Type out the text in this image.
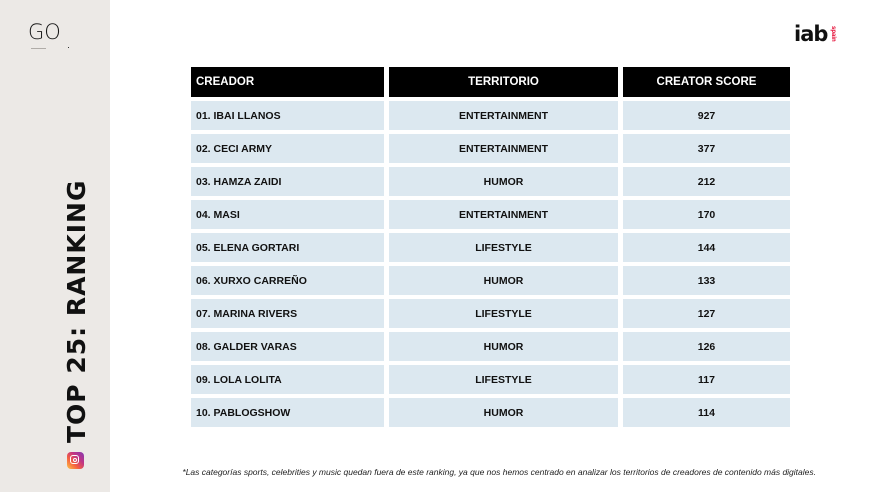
GO
TOP 25: RANKING
iab spain
CREADOR	TERRITORIO	CREATOR SCORE
01. IBAI LLANOS	ENTERTAINMENT	927
02. CECI ARMY	ENTERTAINMENT	377
03. HAMZA ZAIDI	HUMOR	212
04. MASI	ENTERTAINMENT	170
05. ELENA GORTARI	LIFESTYLE	144
06. XURXO CARREÑO	HUMOR	133
07. MARINA RIVERS	LIFESTYLE	127
08. GALDER VARAS	HUMOR	126
09. LOLA LOLITA	LIFESTYLE	117
10. PABLOGSHOW	HUMOR	114
*Las categorías sports, celebrities y music quedan fuera de este ranking, ya que nos hemos centrado en analizar los territorios de creadores de contenido más digitales.
